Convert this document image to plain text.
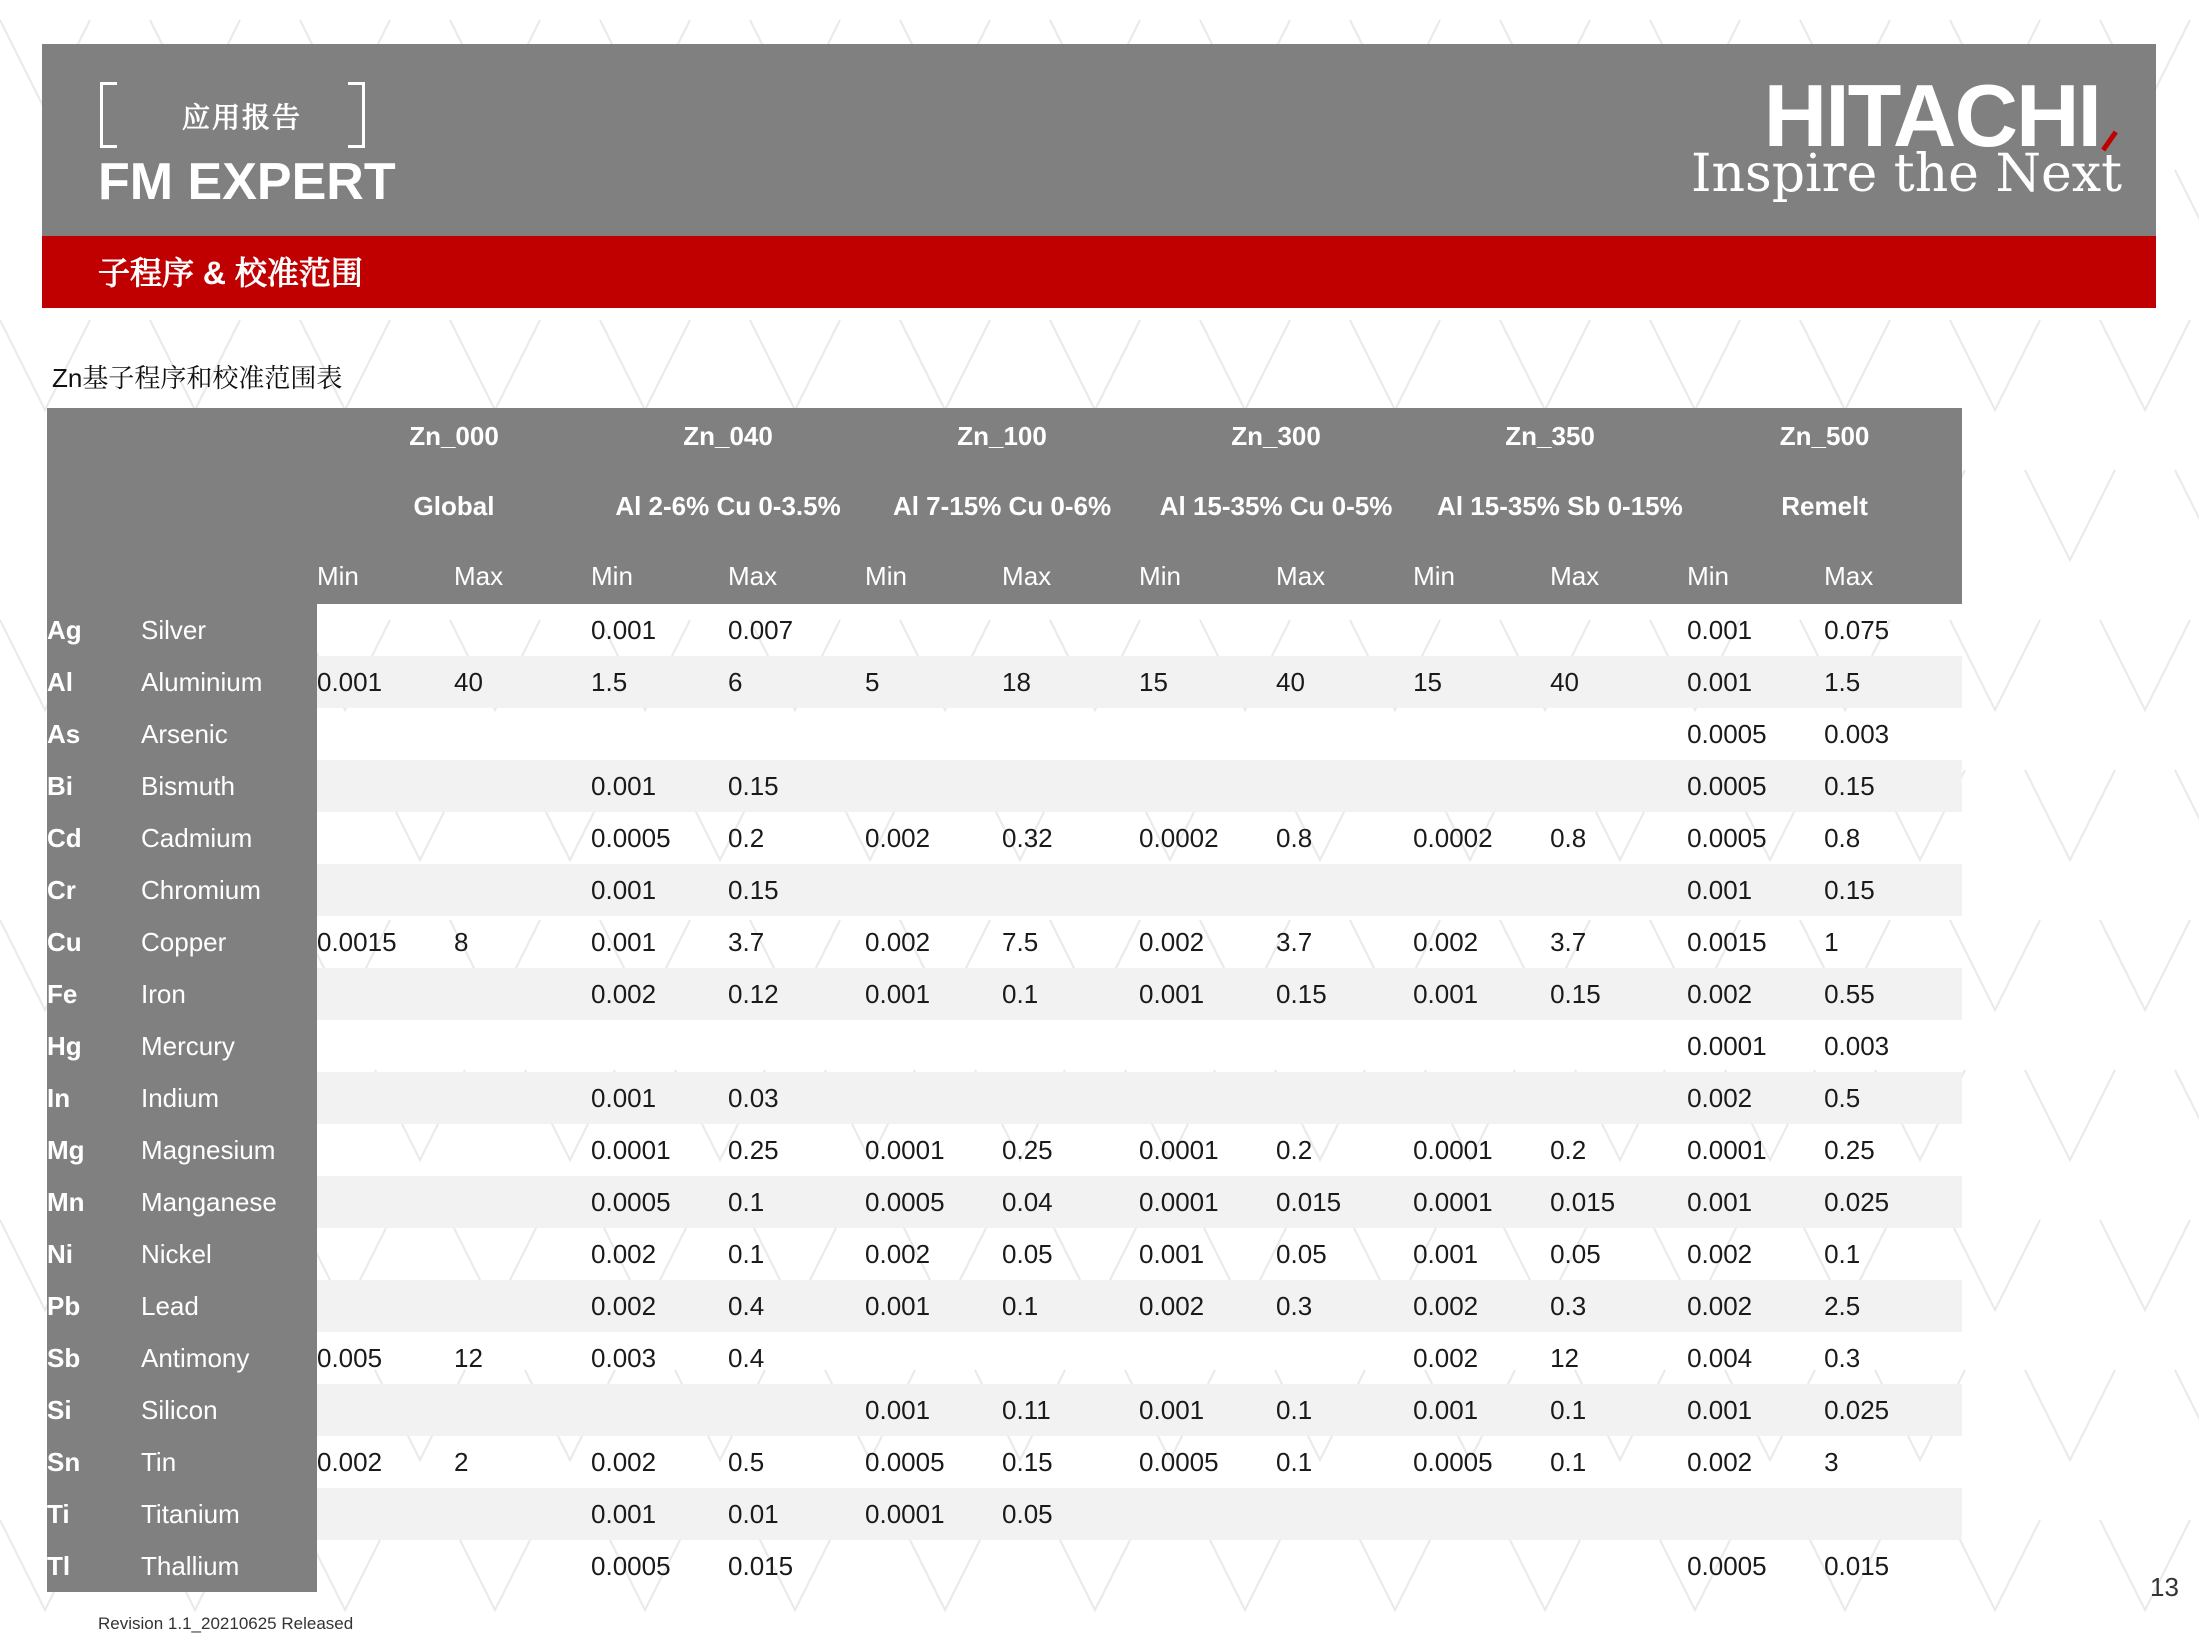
应用报告
FM EXPERT
HITACHI
Inspire the Next
子程序 & 校准范围
Zn基子程序和校准范围表
		Zn_000		Zn_040		Zn_100		Zn_300		Zn_350		Zn_500	
		Global		Al 2-6% Cu 0-3.5%		Al 7-15% Cu 0-6%		Al 15-35% Cu 0-5%		Al 15-35% Sb 0-15%		Remelt	
		Min	Max	Min	Max	Min	Max	Min	Max	Min	Max	Min	Max
Ag	Silver			0.001	0.007							0.001	0.075
Al	Aluminium	0.001	40	1.5	6	5	18	15	40	15	40	0.001	1.5
As	Arsenic											0.0005	0.003
Bi	Bismuth			0.001	0.15							0.0005	0.15
Cd	Cadmium			0.0005	0.2	0.002	0.32	0.0002	0.8	0.0002	0.8	0.0005	0.8
Cr	Chromium			0.001	0.15							0.001	0.15
Cu	Copper	0.0015	8	0.001	3.7	0.002	7.5	0.002	3.7	0.002	3.7	0.0015	1
Fe	Iron			0.002	0.12	0.001	0.1	0.001	0.15	0.001	0.15	0.002	0.55
Hg	Mercury											0.0001	0.003
In	Indium			0.001	0.03							0.002	0.5
Mg	Magnesium			0.0001	0.25	0.0001	0.25	0.0001	0.2	0.0001	0.2	0.0001	0.25
Mn	Manganese			0.0005	0.1	0.0005	0.04	0.0001	0.015	0.0001	0.015	0.001	0.025
Ni	Nickel			0.002	0.1	0.002	0.05	0.001	0.05	0.001	0.05	0.002	0.1
Pb	Lead			0.002	0.4	0.001	0.1	0.002	0.3	0.002	0.3	0.002	2.5
Sb	Antimony	0.005	12	0.003	0.4					0.002	12	0.004	0.3
Si	Silicon					0.001	0.11	0.001	0.1	0.001	0.1	0.001	0.025
Sn	Tin	0.002	2	0.002	0.5	0.0005	0.15	0.0005	0.1	0.0005	0.1	0.002	3
Ti	Titanium			0.001	0.01	0.0001	0.05						
Tl	Thallium			0.0005	0.015							0.0005	0.015
Revision 1.1_20210625 Released
13
